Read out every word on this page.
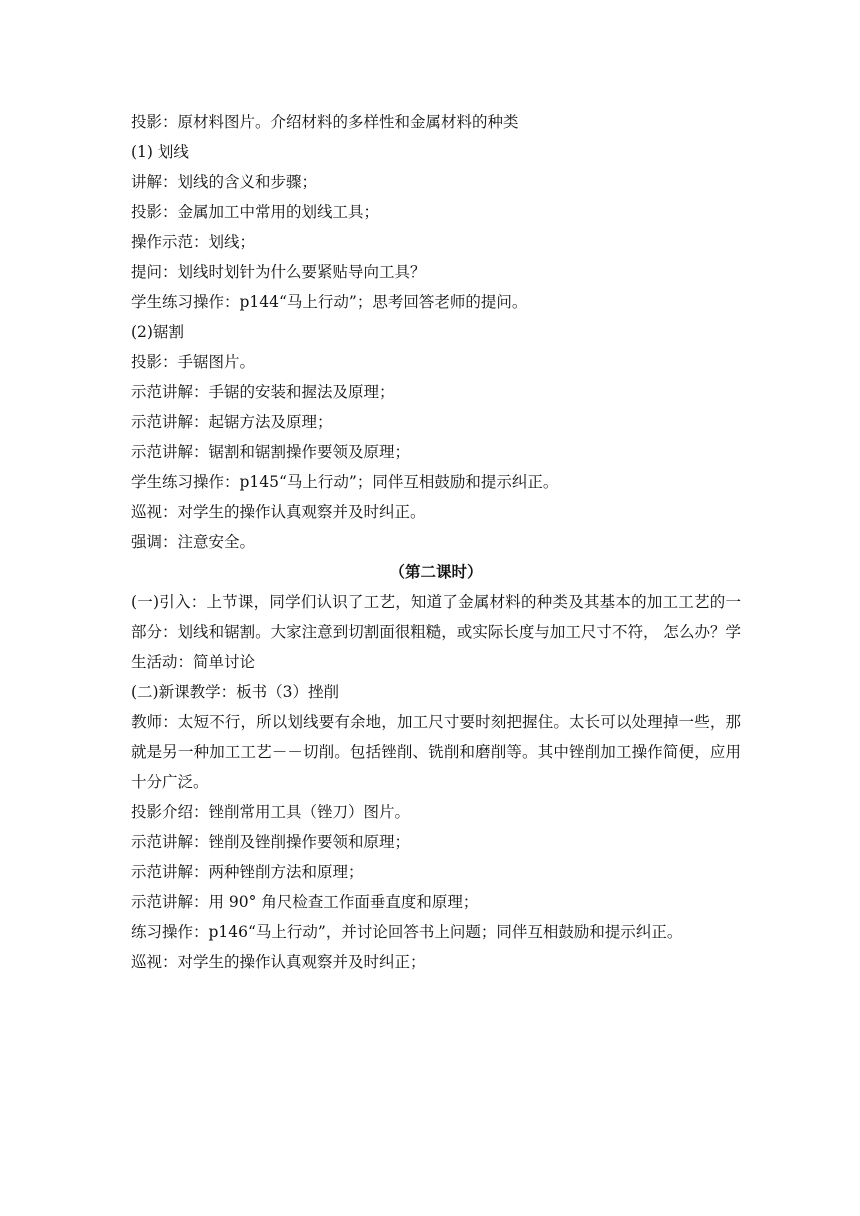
投影：原材料图片。介绍材料的多样性和金属材料的种类

(1) 划线

讲解：划线的含义和步骤；

投影：金属加工中常用的划线工具；

操作示范：划线；

提问：划线时划针为什么要紧贴导向工具？

学生练习操作：p144“马上行动”；思考回答老师的提问。

(2)锯割

投影：手锯图片。

示范讲解：手锯的安装和握法及原理；

示范讲解：起锯方法及原理；

示范讲解：锯割和锯割操作要领及原理；

学生练习操作：p145“马上行动”；同伴互相鼓励和提示纠正。

巡视：对学生的操作认真观察并及时纠正。

强调：注意安全。

（第二课时）

(一)引入：上节课，同学们认识了工艺，知道了金属材料的种类及其基本的加工工艺的一部分：划线和锯割。大家注意到切割面很粗糙，或实际长度与加工尺寸不符， 怎么办？学生活动：简单讨论

(二)新课教学：板书（3）挫削

教师：太短不行，所以划线要有余地，加工尺寸要时刻把握住。太长可以处理掉一些，那就是另一种加工工艺－－切削。包括锉削、铣削和磨削等。其中锉削加工操作简便，应用十分广泛。

投影介绍：锉削常用工具（锉刀）图片。

示范讲解：锉削及锉削操作要领和原理；

示范讲解：两种锉削方法和原理；

示范讲解：用 90° 角尺检查工作面垂直度和原理；

练习操作：p146“马上行动”，并讨论回答书上问题；同伴互相鼓励和提示纠正。

巡视：对学生的操作认真观察并及时纠正；
